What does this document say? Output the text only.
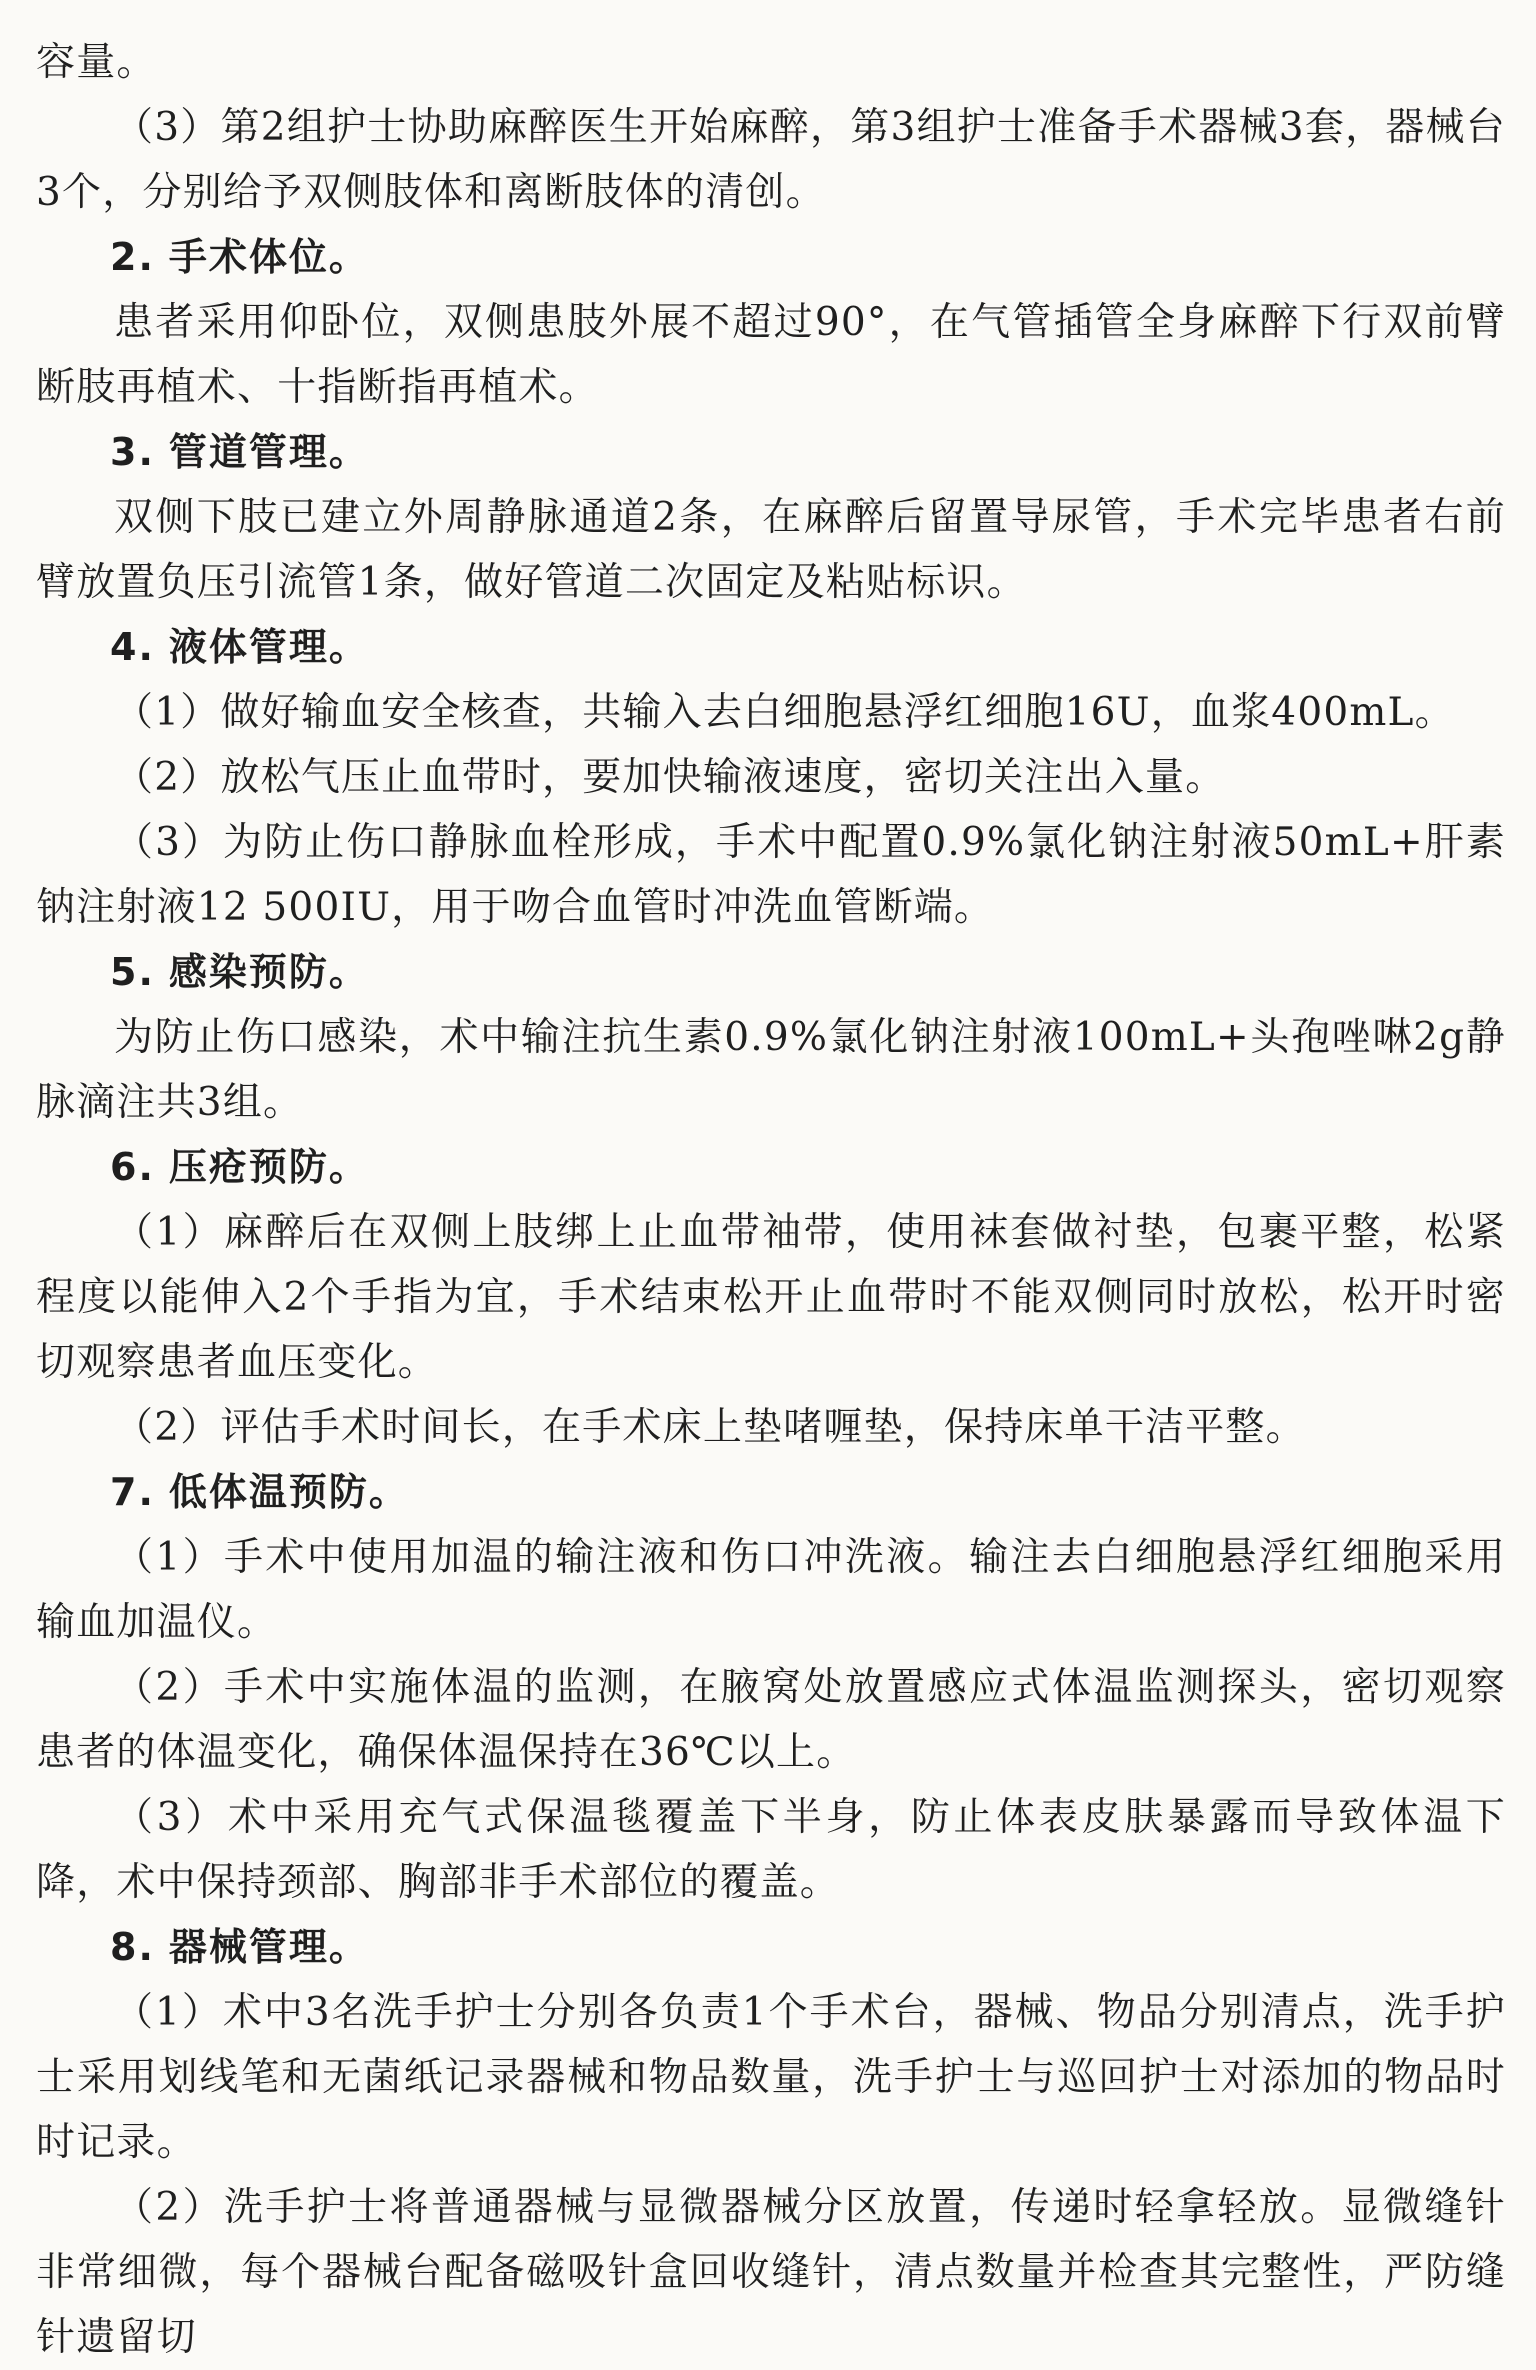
容量。

（3）第2组护士协助麻醉医生开始麻醉，第3组护士准备手术器械3套，器械台3个，分别给予双侧肢体和离断肢体的清创。

2. 手术体位。

患者采用仰卧位，双侧患肢外展不超过90°，在气管插管全身麻醉下行双前臂断肢再植术、十指断指再植术。

3. 管道管理。

双侧下肢已建立外周静脉通道2条，在麻醉后留置导尿管，手术完毕患者右前臂放置负压引流管1条，做好管道二次固定及粘贴标识。

4. 液体管理。

（1）做好输血安全核查，共输入去白细胞悬浮红细胞16U，血浆400mL。

（2）放松气压止血带时，要加快输液速度，密切关注出入量。

（3）为防止伤口静脉血栓形成，手术中配置0.9%氯化钠注射液50mL+肝素钠注射液12 500IU，用于吻合血管时冲洗血管断端。

5. 感染预防。

为防止伤口感染，术中输注抗生素0.9%氯化钠注射液100mL+头孢唑啉2g静脉滴注共3组。

6. 压疮预防。

（1）麻醉后在双侧上肢绑上止血带袖带，使用袜套做衬垫，包裹平整，松紧程度以能伸入2个手指为宜，手术结束松开止血带时不能双侧同时放松，松开时密切观察患者血压变化。

（2）评估手术时间长，在手术床上垫啫喱垫，保持床单干洁平整。

7. 低体温预防。

（1）手术中使用加温的输注液和伤口冲洗液。输注去白细胞悬浮红细胞采用输血加温仪。

（2）手术中实施体温的监测，在腋窝处放置感应式体温监测探头，密切观察患者的体温变化，确保体温保持在36℃以上。

（3）术中采用充气式保温毯覆盖下半身，防止体表皮肤暴露而导致体温下降，术中保持颈部、胸部非手术部位的覆盖。

8. 器械管理。

（1）术中3名洗手护士分别各负责1个手术台，器械、物品分别清点，洗手护士采用划线笔和无菌纸记录器械和物品数量，洗手护士与巡回护士对添加的物品时时记录。

（2）洗手护士将普通器械与显微器械分区放置，传递时轻拿轻放。显微缝针非常细微，每个器械台配备磁吸针盒回收缝针，清点数量并检查其完整性，严防缝针遗留切
